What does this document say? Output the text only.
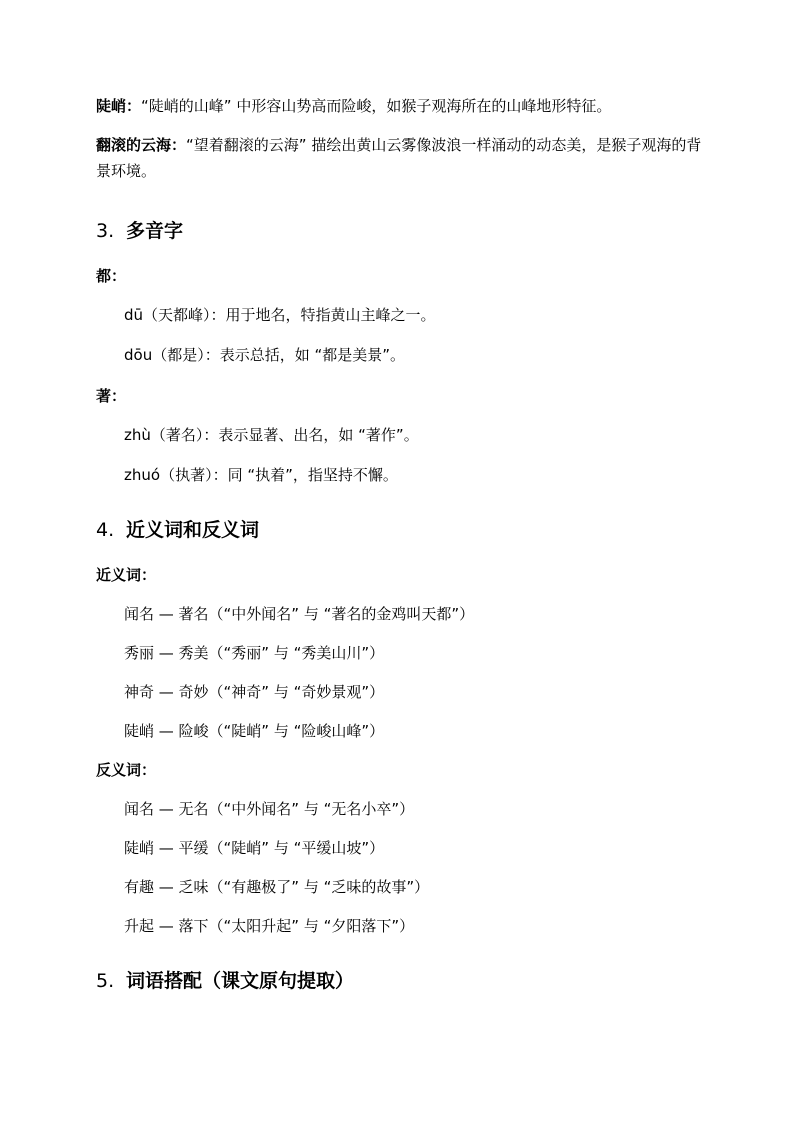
陡峭：“陡峭的山峰” 中形容山势高而险峻，如猴子观海所在的山峰地形特征。
翻滚的云海：“望着翻滚的云海” 描绘出黄山云雾像波浪一样涌动的动态美，是猴子观海的背景环境。
3. 多音字
都：
dū（天都峰）：用于地名，特指黄山主峰之一。
dōu（都是）：表示总括，如 “都是美景”。
著：
zhù（著名）：表示显著、出名，如 “著作”。
zhuó（执著）：同 “执着”，指坚持不懈。
4. 近义词和反义词
近义词：
闻名 — 著名（“中外闻名” 与 “著名的金鸡叫天都”）
秀丽 — 秀美（“秀丽” 与 “秀美山川”）
神奇 — 奇妙（“神奇” 与 “奇妙景观”）
陡峭 — 险峻（“陡峭” 与 “险峻山峰”）
反义词：
闻名 — 无名（“中外闻名” 与 “无名小卒”）
陡峭 — 平缓（“陡峭” 与 “平缓山坡”）
有趣 — 乏味（“有趣极了” 与 “乏味的故事”）
升起 — 落下（“太阳升起” 与 “夕阳落下”）
5. 词语搭配（课文原句提取）
